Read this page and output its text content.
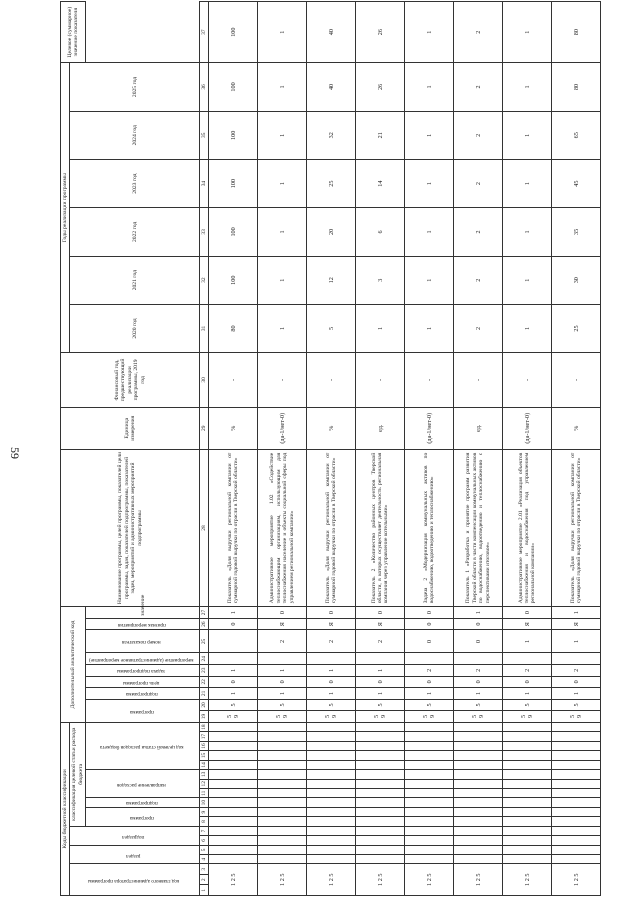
59
Коды бюджетной классификации																		Дополнительный аналитический код									Наименование программы, целей программы, показателей цели программы, задач, показателей подпрограммы, показателей задач, мероприятий и административных мероприятий подпрограммы	Единица измерения	Финансовый год, предшествующий реализации программы, 2019 год	Годы реализации программы						Целевое (суммарное) значение показателя
код главного администратора программы			раздел		подраздел		классификация целевой статьи расхода бюджета																							2020 год	2021 год	2022 год	2023 год	2024 год	2025 год	
							программа		подпрограмма	направление расходов			код целевой статьи расходов бюджета					программа		подпрограмма	цель программы	задача подпрограммы	мероприятие (административное мероприятие)	номер показателя	признак мероприятия	значение										
1	2	3	4	5	6	7	8	9	10	11	12	13	14	15	16	17	18	19	20	21	22	23	24	25	26	27	28	29	30	31	32	33	34	35	36	37
1 2 5																		5 9	5	1	0	1			0	1	Показатель «Доля выручки региональной компании от суммарной годовой выручки по отрасли в Тверской области»	%	-	80	100	100	100	100	100	100
1 2 5																		5 9	5	1	0	1		2	Я	0	Административное мероприятие 1.02 «Содействие теплоснабжающим организациям, использующим для теплоснабжения население и объекты социальной сферы под управлением региональной компании»	(да-1/нет-0)	-	1	1	1	1	1	1	1
1 2 5																		5 9	5	1	0	1		2	Я	0	Показатель «Доля выручки региональной компании от суммарной годовой выручки по отрасли в Тверской области»	%	-	5	12	20	25	32	40	40
1 2 5																		5 9	5	1	0	1		2	Я	0	Показатель 2 «Количество районных центров Тверской области, в которых осуществляет деятельность региональная компания через управление котельными»	ед.	-	1	3	6	14	21	26	26
1 2 5																		5 9	5	1	0	2		0	0	0	Задача 2 «Модернизация коммунальных активов по водоснабжению, водоотведению и теплоснабжению»	(да-1/нет-0)	-	1	1	1	1	1	1	1
1 2 5																		5 9	5	1	0	2		0	0	1	Показатель 1 «Разработка и принятие программ развития Тверской области в части компенсации коммунальных активов по водоснабжению, водоотведению и теплоснабжению с перспективами итоговое»	ед.	-	2	2	2	2	2	2	2
1 2 5																		5 9	5	1	0	2		1	Я	0	Административное мероприятие 2.01 «Реализация объектов теплоснабжения и водоснабжения под управлением региональной компании»	(да-1/нет-0)	-	1	1	1	1	1	1	1
1 2 5																		5 9	5	1	0	2		1	Я	1	Показатель «Доля выручки региональной компании от суммарной годовой выручки по отрасли в Тверской области»	%	-	25	30	35	45	65	80	80
